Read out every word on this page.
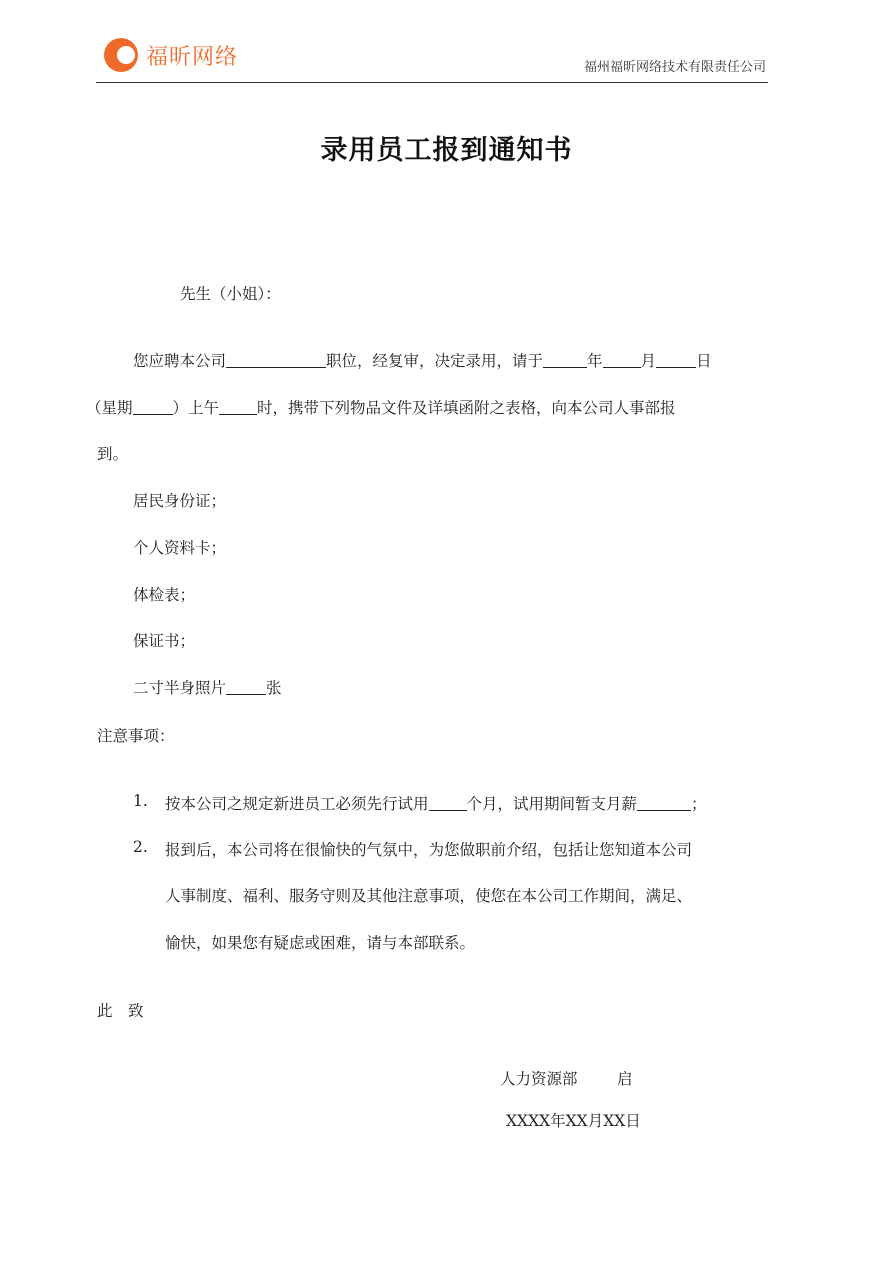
福昕网络	福州福昕网络技术有限责任公司
录用员工报到通知书
先生（小姐）：
您应聘本公司	职位，经复审，决定录用，请于	年 月	日
（星期	）上午 时，携带下列物品文件及详填函附之表格，向本公司人事部报
到。
居民身份证；
个人资料卡；
体检表；
保证书；
二寸半身照片	张
注意事项：
1. 按本公司之规定新进员工必须先行试用 个月，试用期间暂支月薪	；
2. 报到后，本公司将在很愉快的气氛中，为您做职前介绍，包括让您知道本公司
人事制度、福利、服务守则及其他注意事项，使您在本公司工作期间，满足、
愉快，如果您有疑虑或困难，请与本部联系。
此　致
人力资源部	启
XXXX年XX月XX日
